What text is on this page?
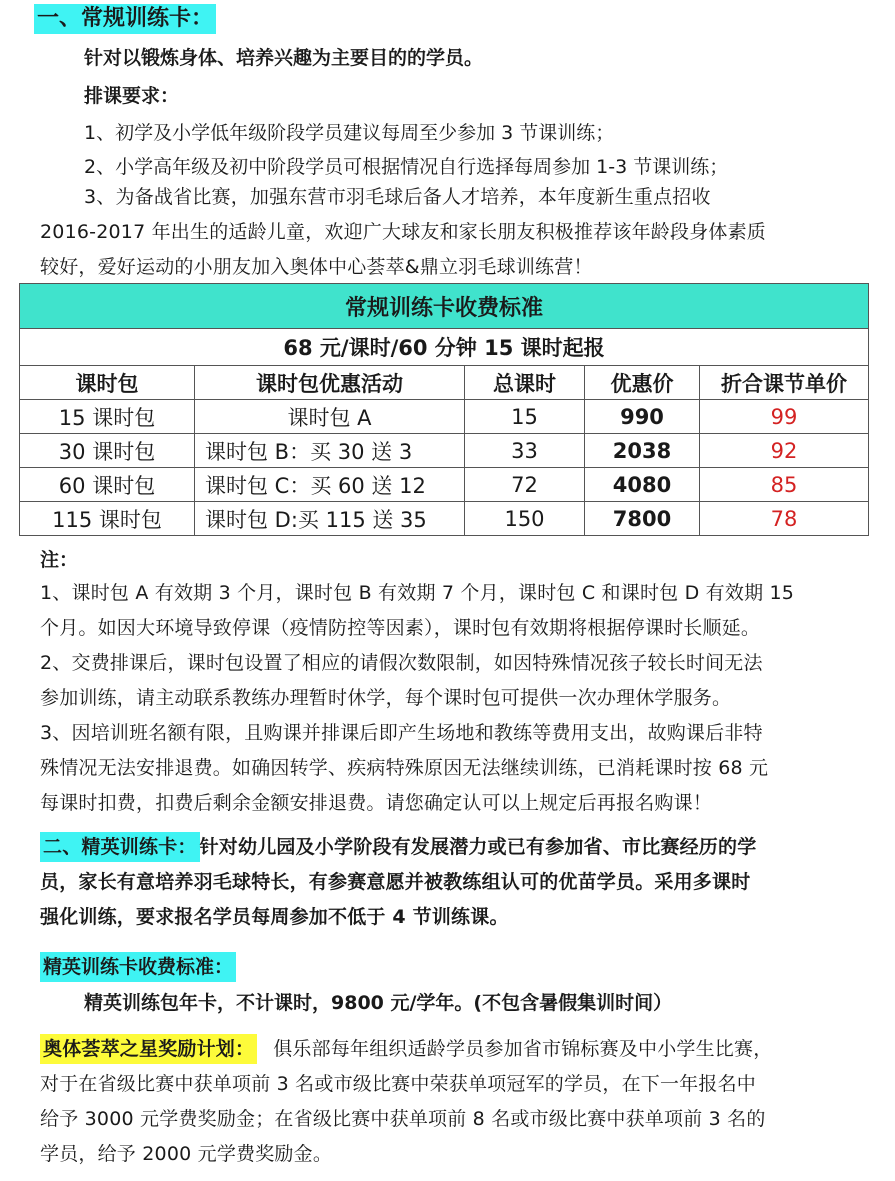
一、常规训练卡：
针对以锻炼身体、培养兴趣为主要目的的学员。
排课要求：
1、初学及小学低年级阶段学员建议每周至少参加 3 节课训练；
2、小学高年级及初中阶段学员可根据情况自行选择每周参加 1-3 节课训练；
3、为备战省比赛，加强东营市羽毛球后备人才培养，本年度新生重点招收
2016-2017 年出生的适龄儿童，欢迎广大球友和家长朋友积极推荐该年龄段身体素质
较好，爱好运动的小朋友加入奥体中心荟萃&鼎立羽毛球训练营！
常规训练卡收费标准				
68 元/课时/60 分钟 15 课时起报				
课时包	课时包优惠活动	总课时	优惠价	折合课节单价
15 课时包	课时包 A	15	990	99
30 课时包	课时包 B：买 30 送 3	33	2038	92
60 课时包	课时包 C：买 60 送 12	72	4080	85
115 课时包	课时包 D:买 115 送 35	150	7800	78
注：
1、课时包 A 有效期 3 个月，课时包 B 有效期 7 个月，课时包 C 和课时包 D 有效期 15
个月。如因大环境导致停课（疫情防控等因素），课时包有效期将根据停课时长顺延。
2、交费排课后，课时包设置了相应的请假次数限制，如因特殊情况孩子较长时间无法
参加训练，请主动联系教练办理暂时休学，每个课时包可提供一次办理休学服务。
3、因培训班名额有限，且购课并排课后即产生场地和教练等费用支出，故购课后非特
殊情况无法安排退费。如确因转学、疾病特殊原因无法继续训练，已消耗课时按 68 元
每课时扣费，扣费后剩余金额安排退费。请您确定认可以上规定后再报名购课！
二、精英训练卡： 针对幼儿园及小学阶段有发展潜力或已有参加省、市比赛经历的学
员，家长有意培养羽毛球特长，有参赛意愿并被教练组认可的优苗学员。采用多课时
强化训练，要求报名学员每周参加不低于 4 节训练课。
精英训练卡收费标准：
精英训练包年卡，不计课时，9800 元/学年。(不包含暑假集训时间）
奥体荟萃之星奖励计划： 俱乐部每年组织适龄学员参加省市锦标赛及中小学生比赛，
对于在省级比赛中获单项前 3 名或市级比赛中荣获单项冠军的学员，在下一年报名中
给予 3000 元学费奖励金；在省级比赛中获单项前 8 名或市级比赛中获单项前 3 名的
学员，给予 2000 元学费奖励金。
